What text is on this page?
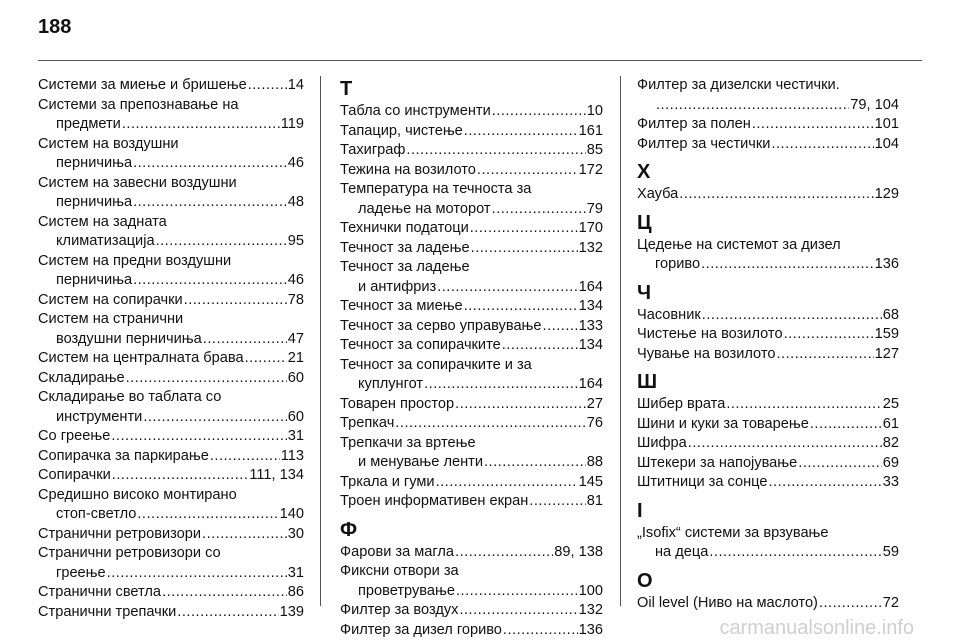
188
Системи за миење и бришење .....	14
Системи за препознавање на
предмети .....	119
Систем на воздушни
перничиња .....	46
Систем на завесни воздушни
перничиња .....	48
Систем на задната
климатизација .....	95
Систем на предни воздушни
перничиња .....	46
Систем на сопирачки .....	78
Систем на странични
воздушни перничиња .....	47
Систем на централната брава .....	21
Складирање .....	60
Складирање во таблата со
инструменти .....	60
Со греење .....	31
Сопирачка за паркирање .....	113
Сопирачки .....	111, 134
Средишно високо монтирано
стоп-светло .....	140
Странични ретровизори .....	30
Странични ретровизори со
греење .....	31
Странични светла .....	86
Странични трепачки .....	139
Т
Табла со инструменти .....	10
Тапацир, чистење .....	161
Тахиграф .....	85
Тежина на возилото .....	172
Температура на течноста за
ладење на моторот .....	79
Технички податоци .....	170
Течност за ладење .....	132
Течност за ладење
и антифриз .....	164
Течност за миење .....	134
Течност за серво управување .....	133
Течност за сопирачките .....	134
Течност за сопирачките и за
куплунгот .....	164
Товарен простор .....	27
Трепкач .....	76
Трепкачи за вртење
и менување ленти .....	88
Тркала и гуми .....	145
Троен информативен екран .....	81
Ф
Фарови за магла .....	89, 138
Фиксни отвори за
проветрување .....	100
Филтер за воздух .....	132
Филтер за дизел гориво .....	136
Филтер за дизелски честички.
.....
79, 104
Филтер за полен .....	101
Филтер за честички .....	104
Х
Хауба .....	129
Ц
Цедење на системот за дизел
гориво .....	136
Ч
Часовник .....	68
Чистење на возилото .....	159
Чување на возилото .....	127
Ш
Шибер врата .....	25
Шини и куки за товарење .....	61
Шифра .....	82
Штекери за напојување .....	69
Штитници за сонце .....	33
I
„Isofix“ системи за врзување
на деца .....	59
O
Oil level (Ниво на маслото) .....	72
carmanualsonline.info
